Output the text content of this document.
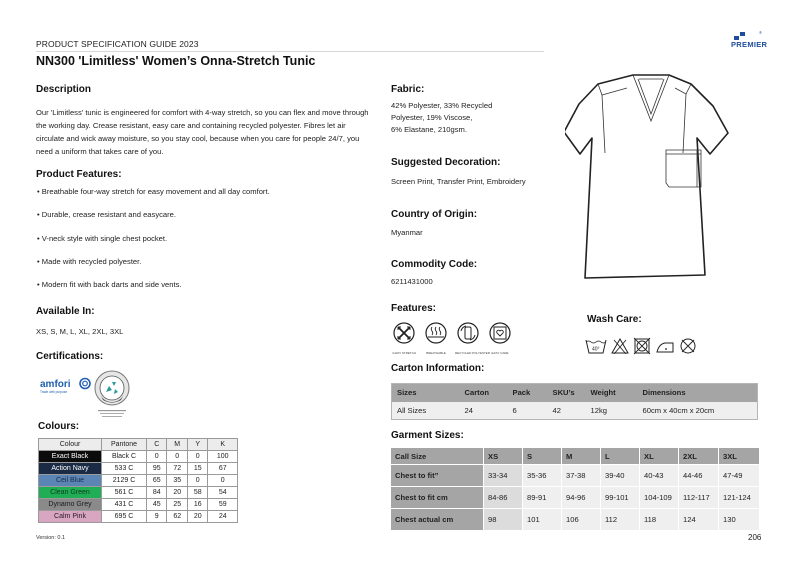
PRODUCT SPECIFICATION GUIDE 2023
NN300 'Limitless' Women’s Onna-Stretch Tunic
®
PREMIER
Description
Our 'Limitless' tunic is engineered for comfort with 4-way stretch, so you can flex and move through the working day. Crease resistant, easy care and containing recycled polyester. Fibres let air circulate and wick away moisture, so you stay cool, because when you care for people 24/7, you need a uniform that takes care of you.
Product Features:
• Breathable four-way stretch for easy movement and all day comfort.
• Durable, crease resistant and easycare.
• V-neck style with single chest pocket.
• Made with recycled polyester.
• Modern fit with back darts and side vents.
Available In:
XS, S, M, L, XL, 2XL, 3XL
Certifications:
amfori
Trade with purpose
Colours:
Colour	Pantone	C	M	Y	K
Exact Black	Black C	0	0	0	100
Action Navy	533 C	95	72	15	67
Ceil Blue	2129 C	65	35	0	0
Clean Green	561 C	84	20	58	54
Dynamo Grey	431 C	45	25	16	59
Calm Pink	695 C	9	62	20	24
Fabric:
42% Polyester, 33% Recycled
Polyester, 19% Viscose,
6% Elastane, 210gsm.
Suggested Decoration:
Screen Print, Transfer Print, Embroidery
Country of Origin:
Myanmar
Commodity Code:
6211431000
Features:
4-WAY STRETCH	BREATHABLE	RECYCLED POLYESTER EASY CARE
Wash Care:
40°
Carton Information:
Sizes	Carton	Pack	SKU’s	Weight	Dimensions
All Sizes	24	6	42	12kg	60cm x 40cm x 20cm
Garment Sizes:
Call Size	XS	S	M	L	XL	2XL	3XL
Chest to fit”	33-34	35-36	37-38	39-40	40-43	44-46	47-49
Chest to fit cm	84-86	89-91	94-96	99-101	104-109	112-117	121-124
Chest actual cm	98	101	106	112	118	124	130
Version: 0.1	206
